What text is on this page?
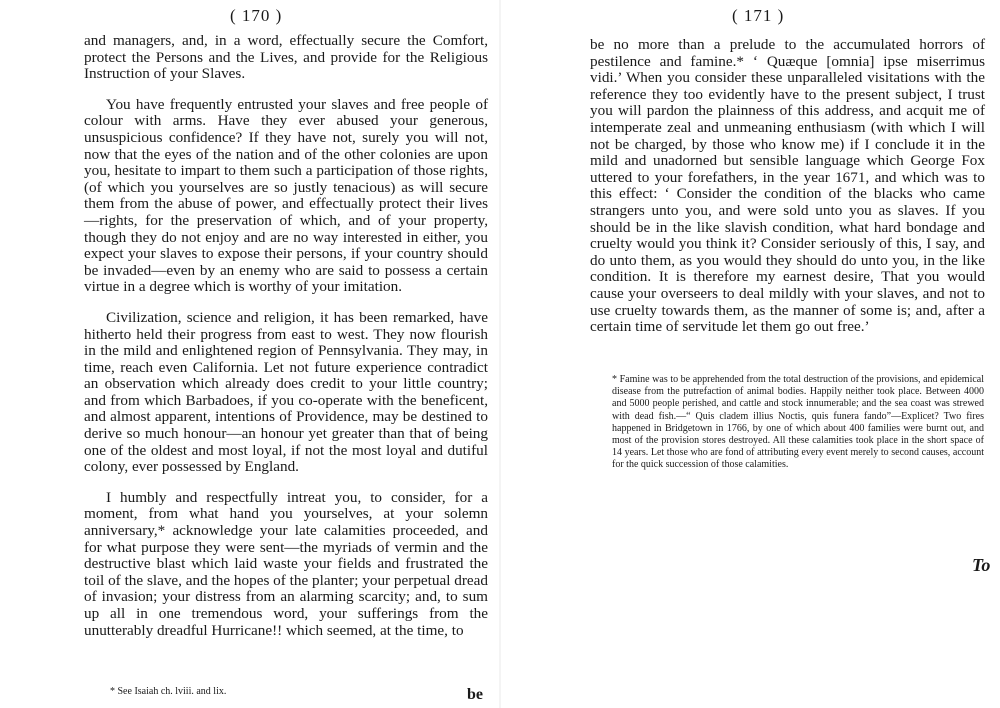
( 170 )

and managers, and, in a word, effectually secure the Comfort, protect the Persons and the Lives, and provide for the Religious Instruction of your Slaves.

You have frequently entrusted your slaves and free people of colour with arms. Have they ever abused your generous, unsuspicious confidence? If they have not, surely you will not, now that the eyes of the nation and of the other colonies are upon you, hesitate to impart to them such a participation of those rights, (of which you yourselves are so justly tenacious) as will secure them from the abuse of power, and effectually protect their lives—rights, for the preservation of which, and of your property, though they do not enjoy and are no way interested in either, you expect your slaves to expose their persons, if your country should be invaded—even by an enemy who are said to possess a certain virtue in a degree which is worthy of your imitation.

Civilization, science and religion, it has been remarked, have hitherto held their progress from east to west. They now flourish in the mild and enlightened region of Pennsylvania. They may, in time, reach even California. Let not future experience contradict an observation which already does credit to your little country; and from which Barbadoes, if you co-operate with the beneficent, and almost apparent, intentions of Providence, may be destined to derive so much honour—an honour yet greater than that of being one of the oldest and most loyal, if not the most loyal and dutiful colony, ever possessed by England.

I humbly and respectfully intreat you, to consider, for a moment, from what hand you yourselves, at your solemn anniversary,* acknowledge your late calamities proceeded, and for what purpose they were sent—the myriads of vermin and the destructive blast which laid waste your fields and frustrated the toil of the slave, and the hopes of the planter; your perpetual dread of invasion; your distress from an alarming scarcity; and, to sum up all in one tremendous word, your sufferings from the unutterably dreadful Hurricane!! which seemed, at the time, to

* See Isaiah ch. lviii. and lix.	be
( 171 )

be no more than a prelude to the accumulated horrors of pestilence and famine.* ‘ Quæque [omnia] ipse miserrimus vidi.’ When you consider these unparalleled visitations with the reference they too evidently have to the present subject, I trust you will pardon the plainness of this address, and acquit me of intemperate zeal and unmeaning enthusiasm (with which I will not be charged, by those who know me) if I conclude it in the mild and unadorned but sensible language which George Fox uttered to your forefathers, in the year 1671, and which was to this effect: ‘ Consider the condition of the blacks who came strangers unto you, and were sold unto you as slaves. If you should be in the like slavish condition, what hard bondage and cruelty would you think it? Consider seriously of this, I say, and do unto them, as you would they should do unto you, in the like condition. It is therefore my earnest desire, That you would cause your overseers to deal mildly with your slaves, and not to use cruelty towards them, as the manner of some is; and, after a certain time of servitude let them go out free.’

* Famine was to be apprehended from the total destruction of the provisions, and epidemical disease from the putrefaction of animal bodies. Happily neither took place. Between 4000 and 5000 people perished, and cattle and stock innumerable; and the sea coast was strewed with dead fish.—“ Quis cladem illius Noctis, quis funera fando”—Explicet? Two fires happened in Bridgetown in 1766, by one of which about 400 families were burnt out, and most of the provision stores destroyed. All these calamities took place in the short space of 14 years. Let those who are fond of attributing every event merely to second causes, account for the quick succession of those calamities.
To
